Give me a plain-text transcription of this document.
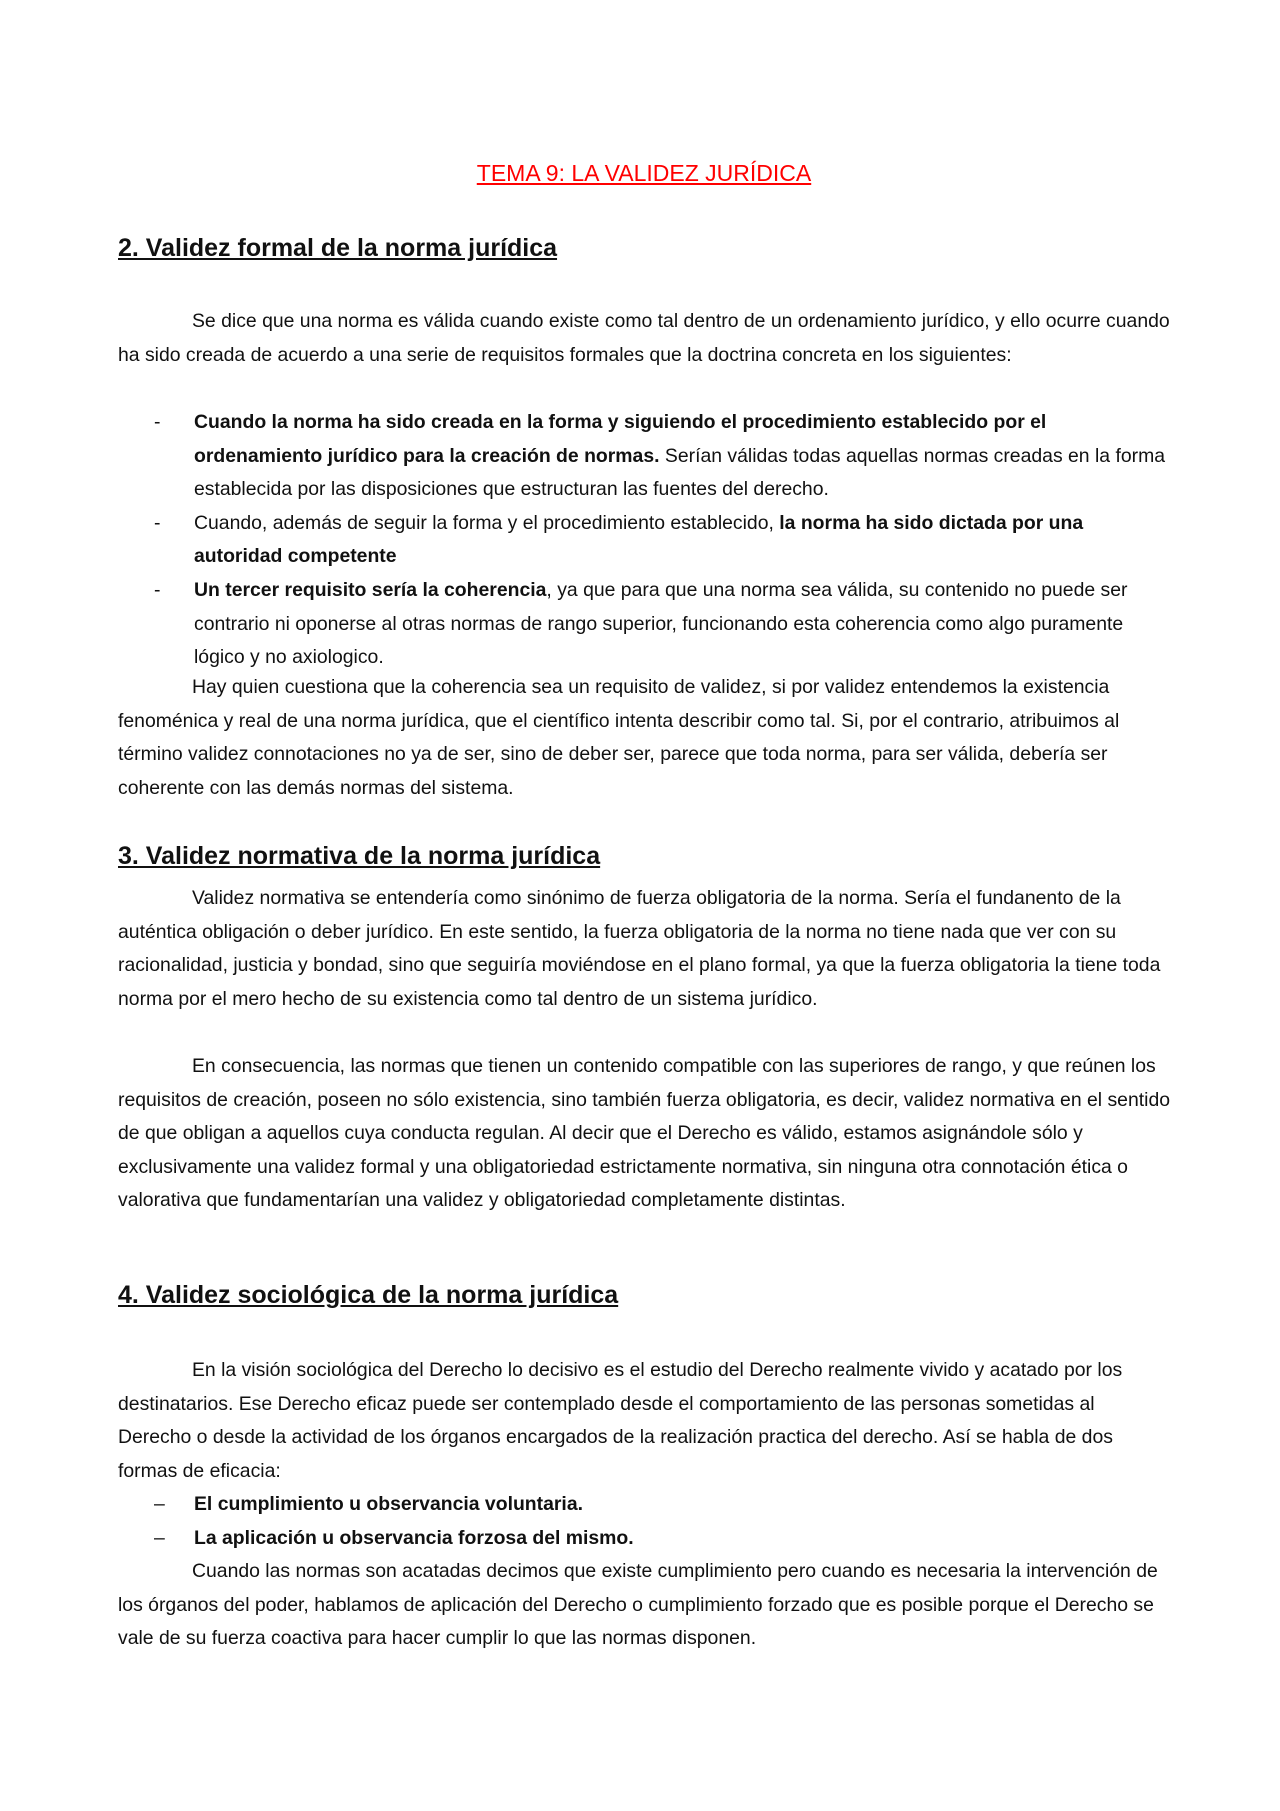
TEMA 9: LA VALIDEZ JURÍDICA
2. Validez formal de la norma jurídica

Se dice que una norma es válida cuando existe como tal dentro de un ordenamiento jurídico, y ello ocurre cuando ha sido creada de acuerdo a una serie de requisitos formales que la doctrina concreta en los siguientes:

- Cuando la norma ha sido creada en la forma y siguiendo el procedimiento establecido por el ordenamiento jurídico para la creación de normas. Serían válidas todas aquellas normas creadas en la forma establecida por las disposiciones que estructuran las fuentes del derecho.
- Cuando, además de seguir la forma y el procedimiento establecido, la norma ha sido dictada por una autoridad competente
- Un tercer requisito sería la coherencia, ya que para que una norma sea válida, su contenido no puede ser contrario ni oponerse al otras normas de rango superior, funcionando esta coherencia como algo puramente lógico y no axiologico.

Hay quien cuestiona que la coherencia sea un requisito de validez, si por validez entendemos la existencia fenoménica y real de una norma jurídica, que el científico intenta describir como tal. Si, por el contrario, atribuimos al término validez connotaciones no ya de ser, sino de deber ser, parece que toda norma, para ser válida, debería ser coherente con las demás normas del sistema.

3. Validez normativa de la norma jurídica

Validez normativa se entendería como sinónimo de fuerza obligatoria de la norma. Sería el fundanento de la auténtica obligación o deber jurídico. En este sentido, la fuerza obligatoria de la norma no tiene nada que ver con su racionalidad, justicia y bondad, sino que seguiría moviéndose en el plano formal, ya que la fuerza obligatoria la tiene toda norma por el mero hecho de su existencia como tal dentro de un sistema jurídico.

En consecuencia, las normas que tienen un contenido compatible con las superiores de rango, y que reúnen los requisitos de creación, poseen no sólo existencia, sino también fuerza obligatoria, es decir, validez normativa en el sentido de que obligan a aquellos cuya conducta regulan. Al decir que el Derecho es válido, estamos asignándole sólo y exclusivamente una validez formal y una obligatoriedad estrictamente normativa, sin ninguna otra connotación ética o valorativa que fundamentarían una validez y obligatoriedad completamente distintas.

4. Validez sociológica de la norma jurídica

En la visión sociológica del Derecho lo decisivo es el estudio del Derecho realmente vivido y acatado por los destinatarios. Ese Derecho eficaz puede ser contemplado desde el comportamiento de las personas sometidas al Derecho o desde la actividad de los órganos encargados de la realización practica del derecho. Así se habla de dos formas de eficacia:

– El cumplimiento u observancia voluntaria.
– La aplicación u observancia forzosa del mismo.

Cuando las normas son acatadas decimos que existe cumplimiento pero cuando es necesaria la intervención de los órganos del poder, hablamos de aplicación del Derecho o cumplimiento forzado que es posible porque el Derecho se vale de su fuerza coactiva para hacer cumplir lo que las normas disponen.
